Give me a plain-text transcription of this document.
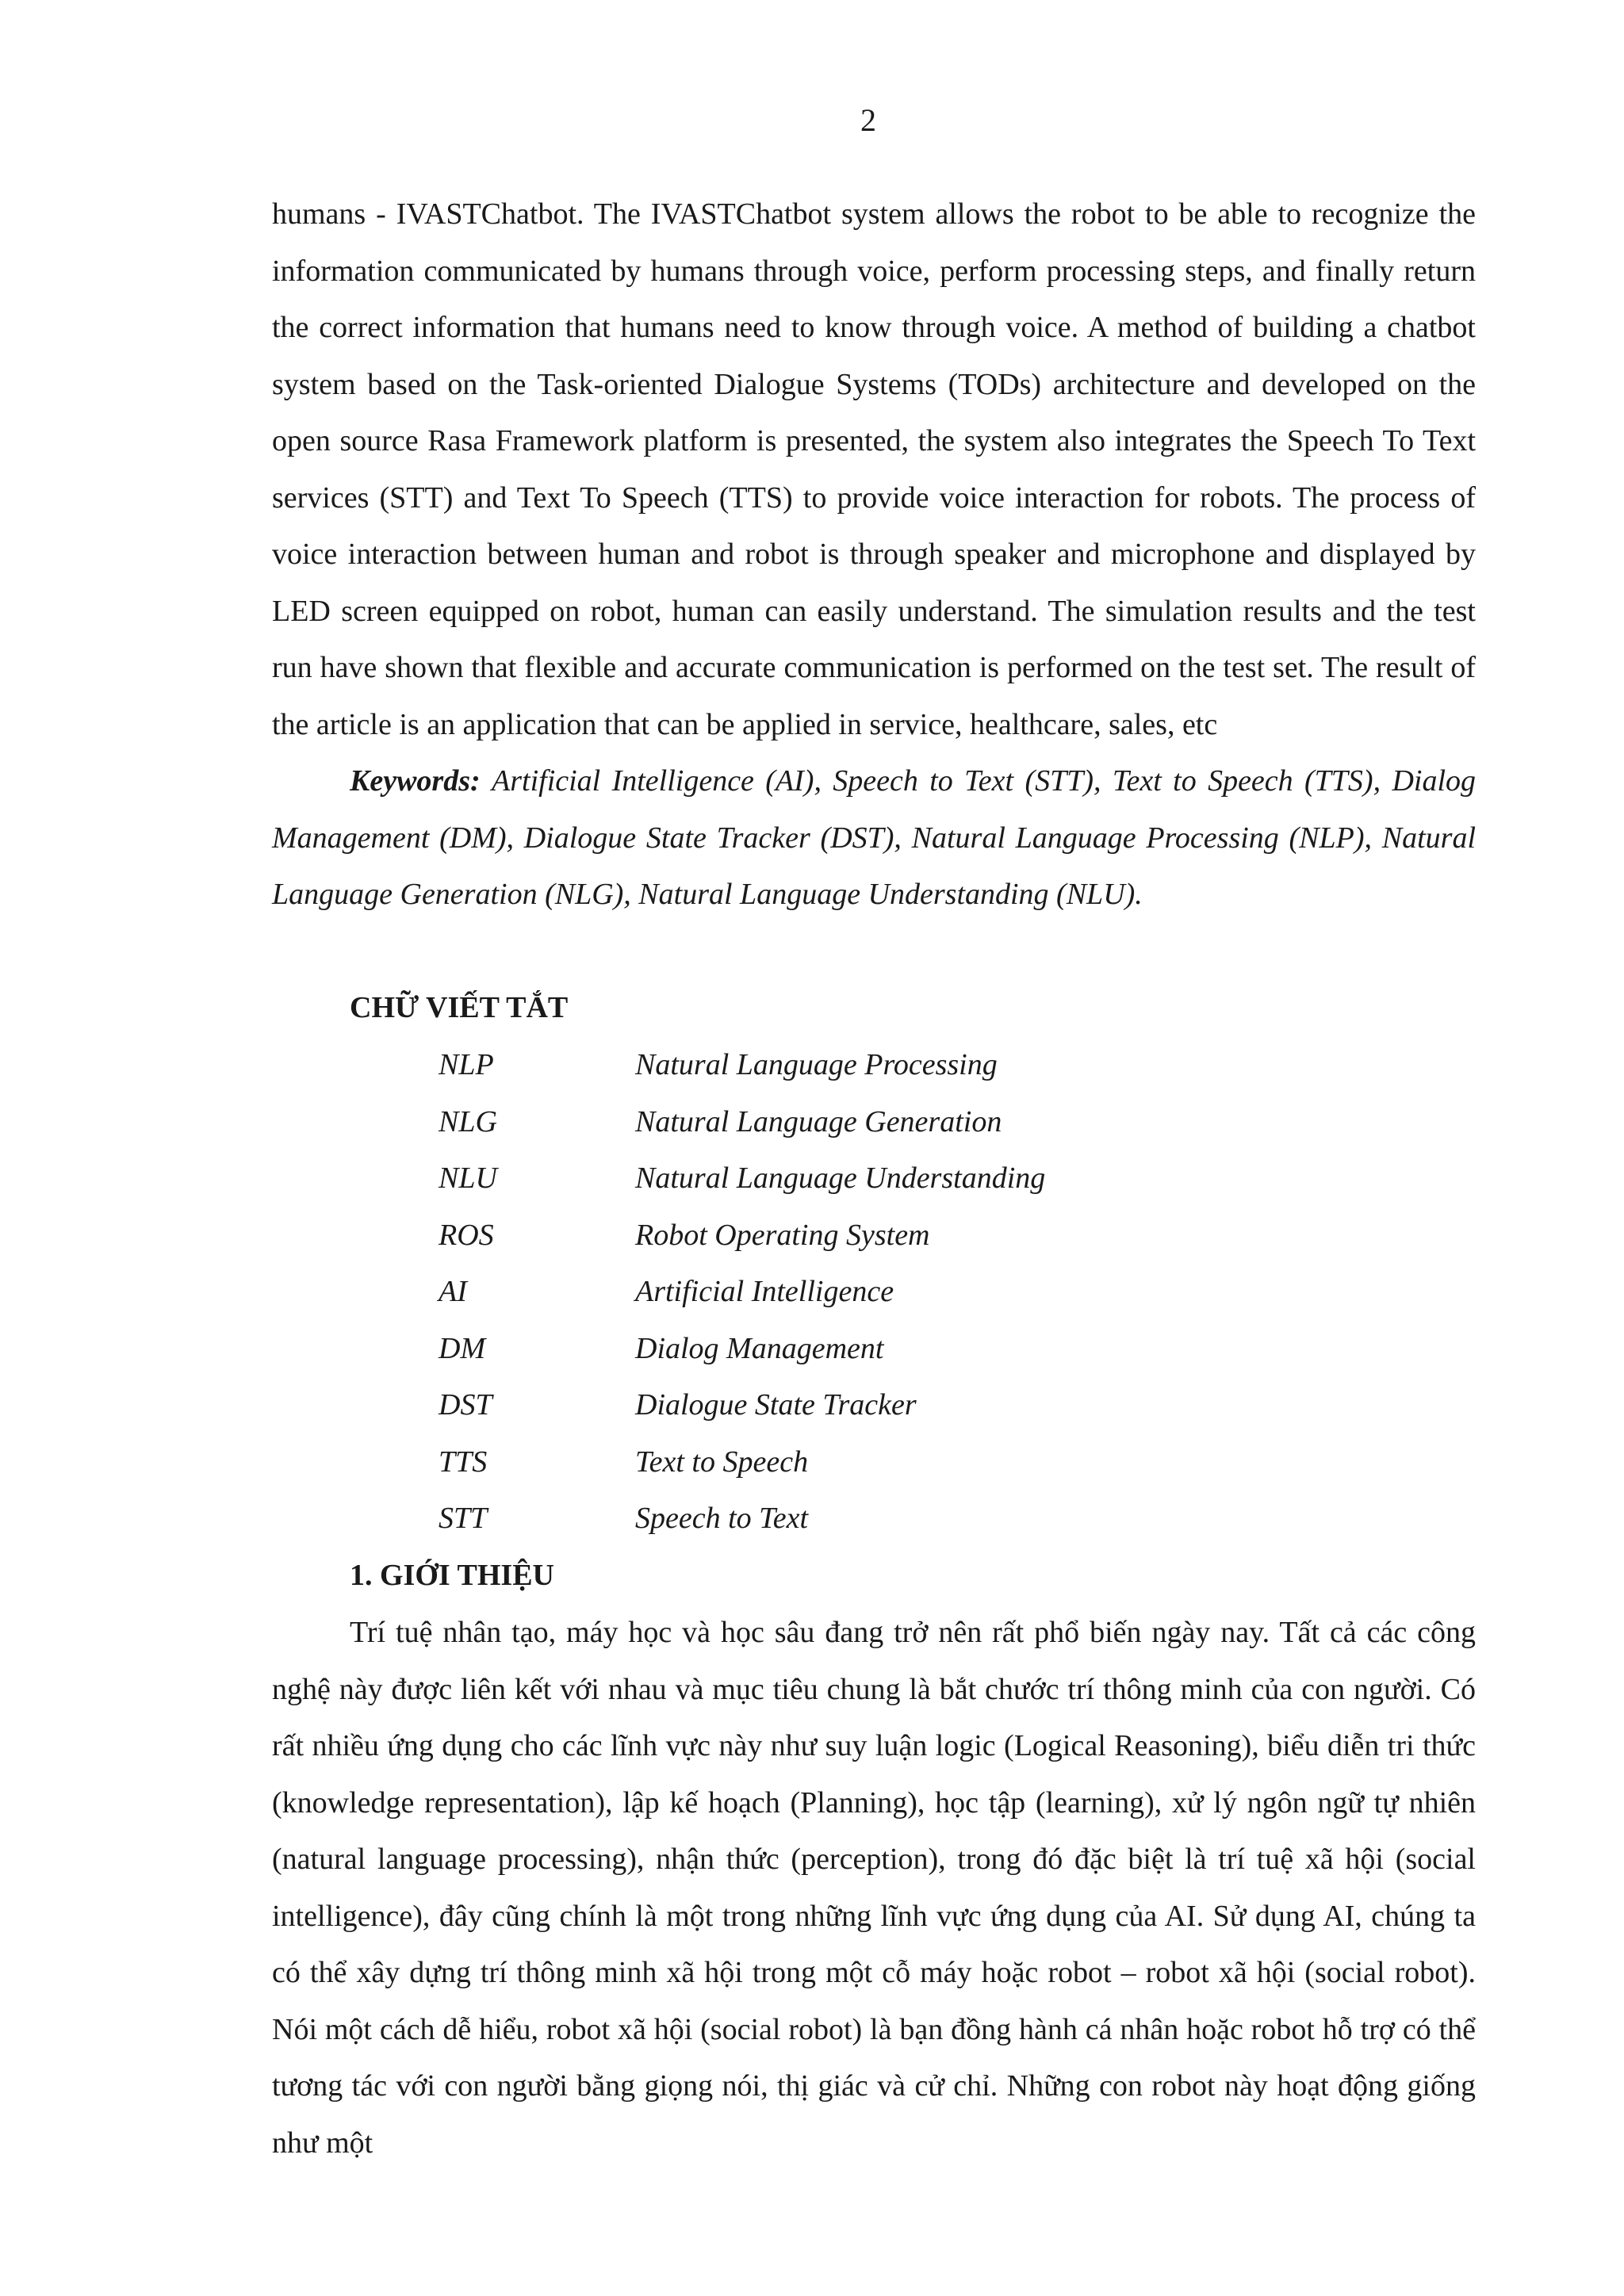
2

humans - IVASTChatbot. The IVASTChatbot system allows the robot to be able to recognize the information communicated by humans through voice, perform processing steps, and finally return the correct information that humans need to know through voice. A method of building a chatbot system based on the Task-oriented Dialogue Systems (TODs) architecture and developed on the open source Rasa Framework platform is presented, the system also integrates the Speech To Text services (STT) and Text To Speech (TTS) to provide voice interaction for robots. The process of voice interaction between human and robot is through speaker and microphone and displayed by LED screen equipped on robot, human can easily understand. The simulation results and the test run have shown that flexible and accurate communication is performed on the test set. The result of the article is an application that can be applied in service, healthcare, sales, etc

Keywords: Artificial Intelligence (AI), Speech to Text (STT), Text to Speech (TTS), Dialog Management (DM), Dialogue State Tracker (DST), Natural Language Processing (NLP), Natural Language Generation (NLG), Natural Language Understanding (NLU).

CHỮ VIẾT TẮT
NLP	Natural Language Processing
NLG	Natural Language Generation
NLU	Natural Language Understanding
ROS	Robot Operating System
AI	Artificial Intelligence
DM	Dialog Management
DST	Dialogue State Tracker
TTS	Text to Speech
STT	Speech to Text
1. GIỚI THIỆU

Trí tuệ nhân tạo, máy học và học sâu đang trở nên rất phổ biến ngày nay. Tất cả các công nghệ này được liên kết với nhau và mục tiêu chung là bắt chước trí thông minh của con người. Có rất nhiều ứng dụng cho các lĩnh vực này như suy luận logic (Logical Reasoning), biểu diễn tri thức (knowledge representation), lập kế hoạch (Planning), học tập (learning), xử lý ngôn ngữ tự nhiên (natural language processing), nhận thức (perception), trong đó đặc biệt là trí tuệ xã hội (social intelligence), đây cũng chính là một trong những lĩnh vực ứng dụng của AI. Sử dụng AI, chúng ta có thể xây dựng trí thông minh xã hội trong một cỗ máy hoặc robot – robot xã hội (social robot). Nói một cách dễ hiểu, robot xã hội (social robot) là bạn đồng hành cá nhân hoặc robot hỗ trợ có thể tương tác với con người bằng giọng nói, thị giác và cử chỉ. Những con robot này hoạt động giống như một
